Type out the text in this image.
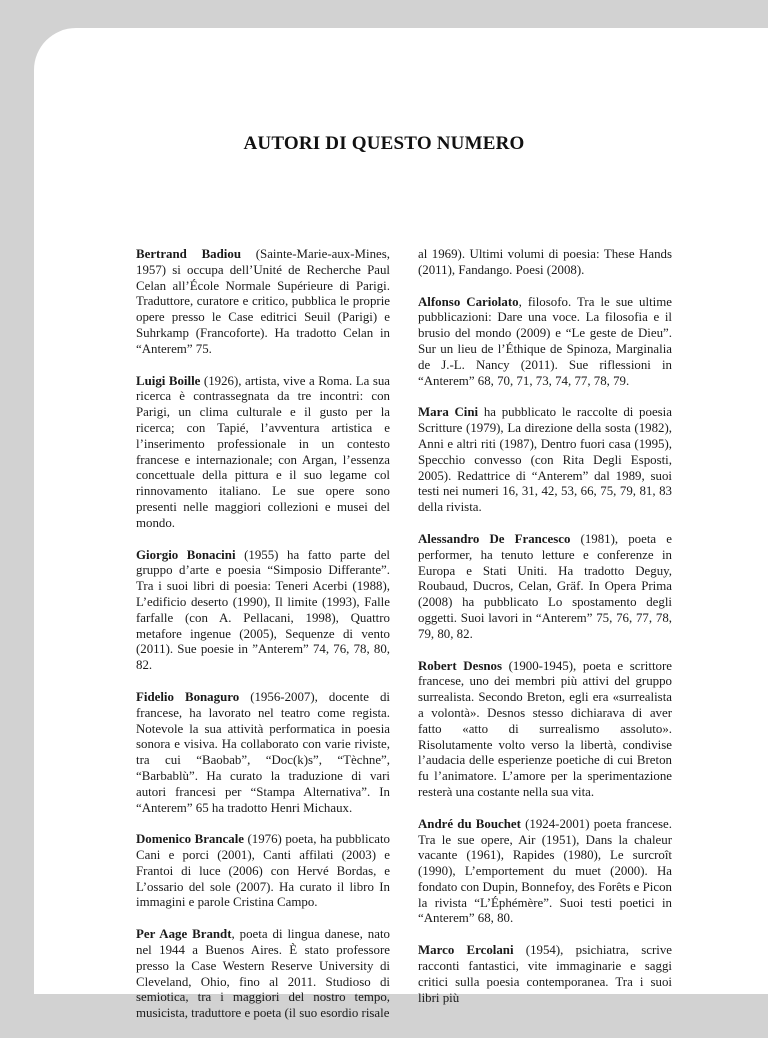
AUTORI DI QUESTO NUMERO

Bertrand Badiou (Sainte-Marie-aux-Mines, 1957) si occupa dell’Unité de Recherche Paul Celan all’École Normale Supérieure di Parigi. Traduttore, curatore e critico, pubblica le proprie opere presso le Case editrici Seuil (Parigi) e Suhrkamp (Francoforte). Ha tradotto Celan in “Anterem” 75.

Luigi Boille (1926), artista, vive a Roma. La sua ricerca è contrassegnata da tre incontri: con Parigi, un clima culturale e il gusto per la ricerca; con Tapié, l’avventura artistica e l’inserimento professionale in un contesto francese e internazionale; con Argan, l’essenza concettuale della pittura e il suo legame col rinnovamento italiano. Le sue opere sono presenti nelle maggiori collezioni e musei del mondo.

Giorgio Bonacini (1955) ha fatto parte del gruppo d’arte e poesia “Simposio Differante”. Tra i suoi libri di poesia: Teneri Acerbi (1988), L’edificio deserto (1990), Il limite (1993), Falle farfalle (con A. Pellacani, 1998), Quattro metafore ingenue (2005), Sequenze di vento (2011). Sue poesie in ”Anterem” 74, 76, 78, 80, 82.

Fidelio Bonaguro (1956-2007), docente di francese, ha lavorato nel teatro come regista. Notevole la sua attività performatica in poesia sonora e visiva. Ha collaborato con varie riviste, tra cui “Baobab”, “Doc(k)s”, “Tèchne”, “Barbablù”. Ha curato la traduzione di vari autori francesi per “Stampa Alternativa”. In “Anterem” 65 ha tradotto Henri Michaux.

Domenico Brancale (1976) poeta, ha pubblicato Cani e porci (2001), Canti affilati (2003) e Frantoi di luce (2006) con Hervé Bordas, e L’ossario del sole (2007). Ha curato il libro In immagini e parole Cristina Campo.

Per Aage Brandt, poeta di lingua danese, nato nel 1944 a Buenos Aires. È stato professore presso la Case Western Reserve University di Cleveland, Ohio, fino al 2011. Studioso di semiotica, tra i maggiori del nostro tempo, musicista, traduttore e poeta (il suo esordio risale

al 1969). Ultimi volumi di poesia: These Hands (2011), Fandango. Poesi (2008).

Alfonso Cariolato, filosofo. Tra le sue ultime pubblicazioni: Dare una voce. La filosofia e il brusio del mondo (2009) e “Le geste de Dieu”. Sur un lieu de l’Éthique de Spinoza, Marginalia de J.-L. Nancy (2011). Sue riflessioni in “Anterem” 68, 70, 71, 73, 74, 77, 78, 79.

Mara Cini ha pubblicato le raccolte di poesia Scritture (1979), La direzione della sosta (1982), Anni e altri riti (1987), Dentro fuori casa (1995), Specchio convesso (con Rita Degli Esposti, 2005). Redattrice di “Anterem” dal 1989, suoi testi nei numeri 16, 31, 42, 53, 66, 75, 79, 81, 83 della rivista.

Alessandro De Francesco (1981), poeta e performer, ha tenuto letture e conferenze in Europa e Stati Uniti. Ha tradotto Deguy, Roubaud, Ducros, Celan, Gräf. In Opera Prima (2008) ha pubblicato Lo spostamento degli oggetti. Suoi lavori in “Anterem” 75, 76, 77, 78, 79, 80, 82.

Robert Desnos (1900-1945), poeta e scrittore francese, uno dei membri più attivi del gruppo surrealista. Secondo Breton, egli era «surrealista a volontà». Desnos stesso dichiarava di aver fatto «atto di surrealismo assoluto». Risolutamente volto verso la libertà, condivise l’audacia delle esperienze poetiche di cui Breton fu l’animatore. L’amore per la sperimentazione resterà una costante nella sua vita.

André du Bouchet (1924-2001) poeta francese. Tra le sue opere, Air (1951), Dans la chaleur vacante (1961), Rapides (1980), Le surcroît (1990), L’emportement du muet (2000). Ha fondato con Dupin, Bonnefoy, des Forêts e Picon la rivista “L’Éphémère”. Suoi testi poetici in “Anterem” 68, 80.

Marco Ercolani (1954), psichiatra, scrive racconti fantastici, vite immaginarie e saggi critici sulla poesia contemporanea. Tra i suoi libri più
